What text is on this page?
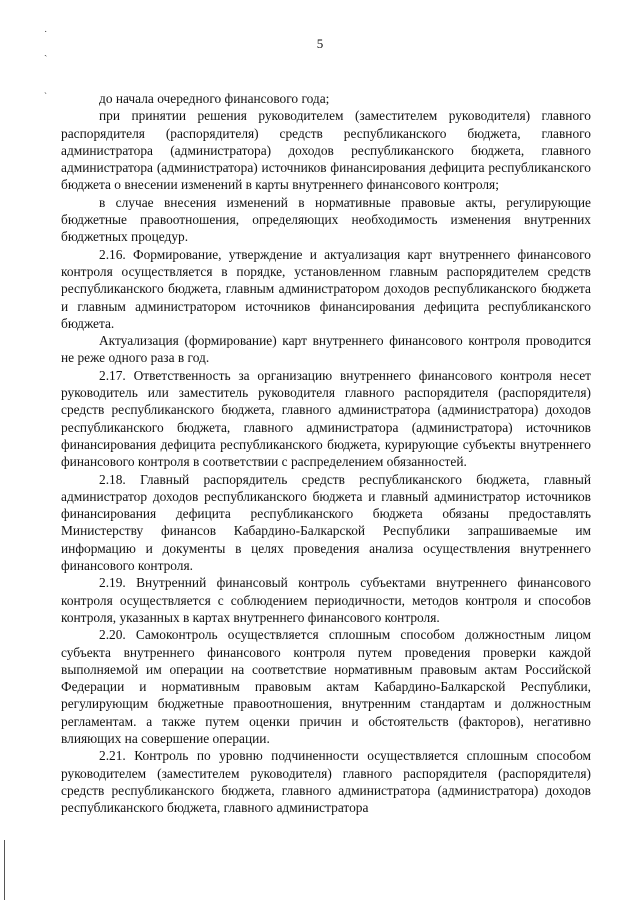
˙
ˏ
ˎ
5

до начала очередного финансового года;

при принятии решения руководителем (заместителем руководителя) главного распорядителя (распорядителя) средств республиканского бюджета, главного администратора (администратора) доходов республиканского бюджета, главного администратора (администратора) источников финансирования дефицита республиканского бюджета о внесении изменений в карты внутреннего финансового контроля;

в случае внесения изменений в нормативные правовые акты, регулирующие бюджетные правоотношения, определяющих необходимость изменения внутренних бюджетных процедур.

2.16. Формирование, утверждение и актуализация карт внутреннего финансового контроля осуществляется в порядке, установленном главным распорядителем средств республиканского бюджета, главным администратором доходов республиканского бюджета и главным администратором источников финансирования дефицита республиканского бюджета.

Актуализация (формирование) карт внутреннего финансового контроля проводится не реже одного раза в год.

2.17. Ответственность за организацию внутреннего финансового контроля несет руководитель или заместитель руководителя главного распорядителя (распорядителя) средств республиканского бюджета, главного администратора (администратора) доходов республиканского бюджета, главного администратора (администратора) источников финансирования дефицита республиканского бюджета, курирующие субъекты внутреннего финансового контроля в соответствии с распределением обязанностей.

2.18. Главный распорядитель средств республиканского бюджета, главный администратор доходов республиканского бюджета и главный администратор источников финансирования дефицита республиканского бюджета обязаны предоставлять Министерству финансов Кабардино-Балкарской Республики запрашиваемые им информацию и документы в целях проведения анализа осуществления внутреннего финансового контроля.

2.19. Внутренний финансовый контроль субъектами внутреннего финансового контроля осуществляется с соблюдением периодичности, методов контроля и способов контроля, указанных в картах внутреннего финансового контроля.

2.20. Самоконтроль осуществляется сплошным способом должностным лицом субъекта внутреннего финансового контроля путем проведения проверки каждой выполняемой им операции на соответствие нормативным правовым актам Российской Федерации и нормативным правовым актам Кабардино-Балкарской Республики, регулирующим бюджетные правоотношения, внутренним стандартам и должностным регламентам. а также путем оценки причин и обстоятельств (факторов), негативно влияющих на совершение операции.

2.21. Контроль по уровню подчиненности осуществляется сплошным способом руководителем (заместителем руководителя) главного распорядителя (распорядителя) средств республиканского бюджета, главного администратора (администратора) доходов республиканского бюджета, главного администратора
